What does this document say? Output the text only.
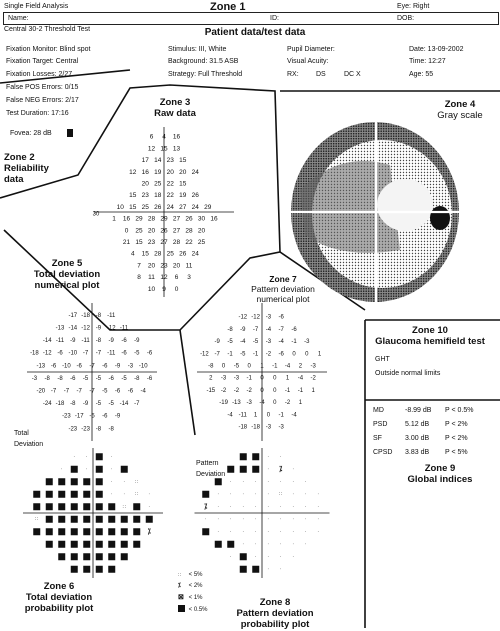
Single Field Analysis	Zone 1	Eye: Right
Name:	ID:	DOB:
Central 30-2 Threshold Test	Patient data/test data
Fixation Monitor: Blind spot
Fixation Target: Central
Stimulus: III, White
Background: 31.5 ASB
Strategy: Full Threshold
Pupil Diameter:
Visual Acuity:
RX: DS	DC X
Date: 13-09-2002
Time: 12:27
Age: 55
Fixation Losses: 2/27
False POS Errors: 0/15
False NEG Errors: 2/17
Test Duration: 17:16
Fovea: 28 dB
Zone 2
Reliability
data
Zone 3
Raw data
Zone 4
Gray scale
Zone 5
Total deviation
numerical plot
Zone 7
Pattern deviation
numerical plot
Zone 10
Glaucoma hemifield test
GHT
Outside normal limits
MD	-8.99 dB P < 0.5%
PSD	5.12 dB P < 2%
SF	3.00 dB P < 2%
CPSD 3.83 dB P < 5%
Zone 9
Global indices
Total
Deviation
Pattern
Deviation
Zone 6
Total deviation
probability plot
Zone 8
Pattern deviation
probability plot
∷ < 5%
⁒ < 2%
⊠ < 1%
< 0.5%
6 4 16
12 15 13
17 14 23 15
12 16 19 20 20 24
20 25 22 15
15 23 18 22 19 26
10 15 25 26 24 27 24 29
1 16 29 28 29 27 26 30 16
0 25 20 26 27 28 20
21 15 23 27 28 22 25
4 15 28 25 26 24
7 20 23 20 11
8 11 12 6 3
10 9 0
30
-17 -18 -8 -11
-13 -14 -12 -9 -12 -11
-14 -11 -9 -11 -8 -9 -6 -9
-18 -12 -6 -10 -7 -7 -11 -6 -5 -6
-13 -6 -10 -6 -7 -6 -9 -3 -10
-3 -8 -8 -6 -5 -5 -6 -5 -8 -6
-20 -7 -7 -7 -7 -5 -6 -6 -4
-24 -18 -8 -9 -5 -5 -14 -7
-23 -17 -5 -6 -9
-23 -23 -8 -8
-12 -12 -3 -6
-8 -9 -7 -4 -7 -6
-9 -5 -4 -5 -3 -4 -1 -3
-12 -7 -1 -5 -1 -2 -6 0 0 1
-8 0 -5 0 1 -1 -4 2 -3
2 -3 -3 -1 0 0 1 -4 -2
-15 -2 -2 -2 0 0 -1 -1 1
-19 -13 -3 -4 0 -2 1
-4 -11 1 0 -1 -4
-18 -18 -3 -3
· ·	·
·	·	·
· · ∷
· · ∷ ·
∷	·
∷
⁒
· ·
· ⁒ ·
· · · · · · ·
· · · · · ∷ · · ·
⁒ · · · · · · · · ·
· · · · · · · · · ·
· · · · · · · · ·
· · · · · ·
·	· · · ·
· ·
